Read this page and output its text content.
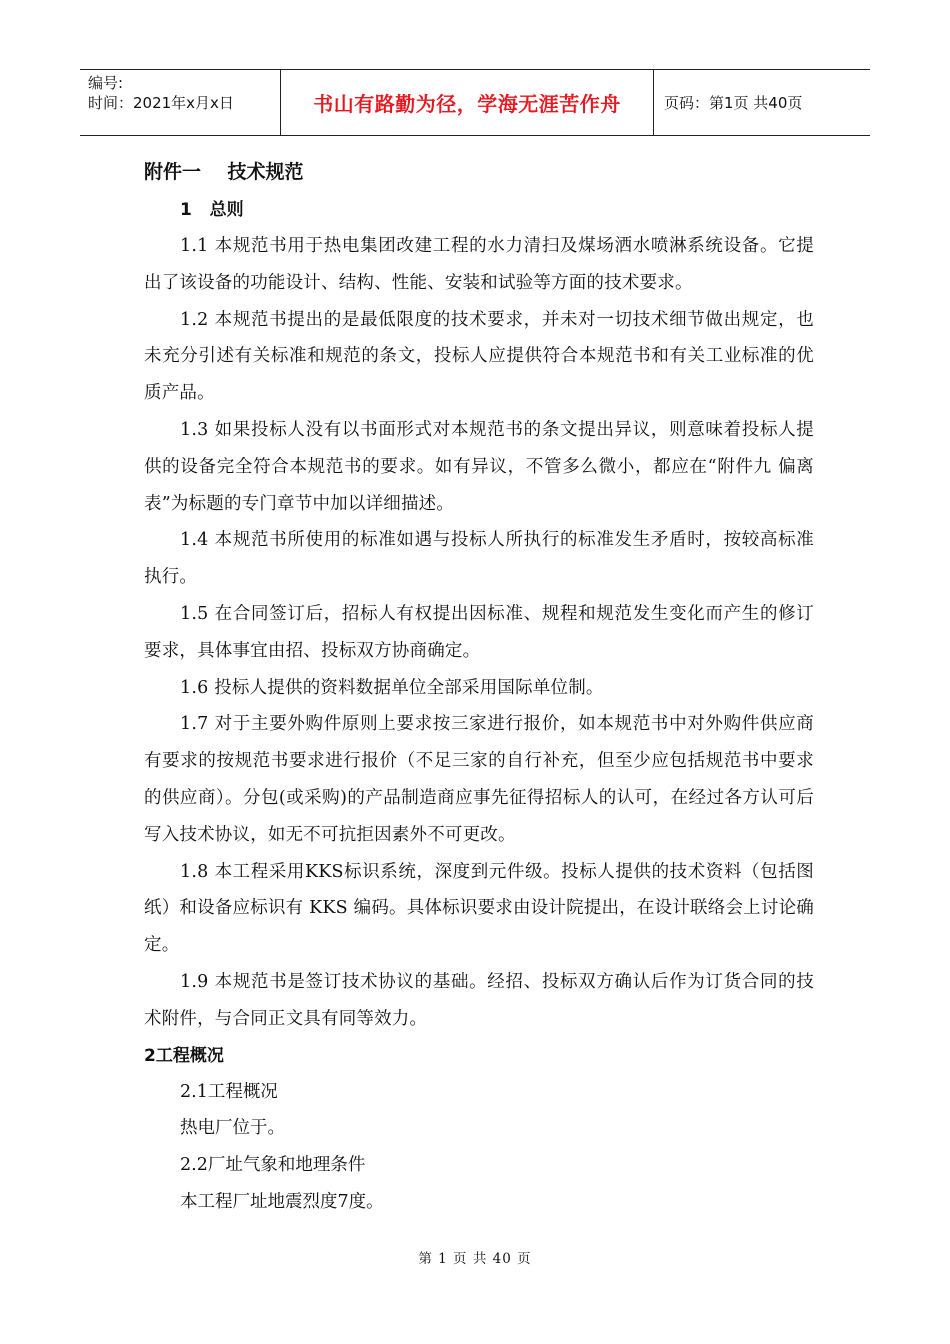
编号:
时间：2021年x月x日	书山有路勤为径，学海无涯苦作舟	页码：第1页 共40页
附件一    技术规范
1   总则

1.1 本规范书用于热电集团改建工程的水力清扫及煤场洒水喷淋系统设备。它提出了该设备的功能设计、结构、性能、安装和试验等方面的技术要求。

1.2 本规范书提出的是最低限度的技术要求，并未对一切技术细节做出规定，也未充分引述有关标准和规范的条文，投标人应提供符合本规范书和有关工业标准的优质产品。

1.3 如果投标人没有以书面形式对本规范书的条文提出异议，则意味着投标人提供的设备完全符合本规范书的要求。如有异议，不管多么微小，都应在“附件九 偏离表”为标题的专门章节中加以详细描述。

1.4 本规范书所使用的标准如遇与投标人所执行的标准发生矛盾时，按较高标准执行。

1.5 在合同签订后，招标人有权提出因标准、规程和规范发生变化而产生的修订要求，具体事宜由招、投标双方协商确定。

1.6 投标人提供的资料数据单位全部采用国际单位制。

1.7 对于主要外购件原则上要求按三家进行报价，如本规范书中对外购件供应商有要求的按规范书要求进行报价（不足三家的自行补充，但至少应包括规范书中要求的供应商）。分包(或采购)的产品制造商应事先征得招标人的认可，在经过各方认可后写入技术协议，如无不可抗拒因素外不可更改。

1.8 本工程采用KKS标识系统，深度到元件级。投标人提供的技术资料（包括图纸）和设备应标识有 KKS 编码。具体标识要求由设计院提出，在设计联络会上讨论确定。

1.9 本规范书是签订技术协议的基础。经招、投标双方确认后作为订货合同的技术附件，与合同正文具有同等效力。

2工程概况

2.1工程概况

热电厂位于。

2.2厂址气象和地理条件

本工程厂址地震烈度7度。

第 1 页 共 40 页
